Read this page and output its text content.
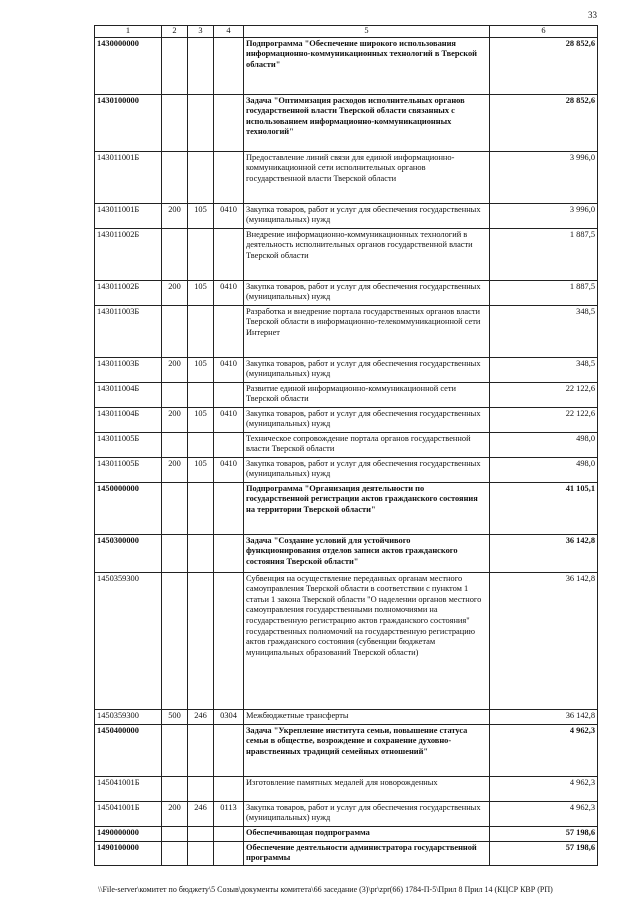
33
1	2	3	4	5	6
1430000000				Подпрограмма "Обеспечение широкого использования информационно-коммуникационных технологий в Тверской области"	28 852,6
1430100000				Задача "Оптимизация расходов исполнительных органов государственной власти Тверской области связанных с использованием информационно-коммуникационных технологий"	28 852,6
143011001Б				Предоставление линий связи для единой информационно-коммуникационной сети исполнительных органов государственной власти Тверской области	3 996,0
143011001Б	200	105	0410	Закупка товаров, работ и услуг для обеспечения государственных (муниципальных) нужд	3 996,0
143011002Б				Внедрение информационно-коммуникационных технологий в деятельность исполнительных органов государственной власти Тверской области	1 887,5
143011002Б	200	105	0410	Закупка товаров, работ и услуг для обеспечения государственных (муниципальных) нужд	1 887,5
143011003Б				Разработка и внедрение портала государственных органов власти Тверской области в информационно-телекоммуникационной сети Интернет	348,5
143011003Б	200	105	0410	Закупка товаров, работ и услуг для обеспечения государственных (муниципальных) нужд	348,5
143011004Б				Развитие единой информационно-коммуникационной сети Тверской области	22 122,6
143011004Б	200	105	0410	Закупка товаров, работ и услуг для обеспечения государственных (муниципальных) нужд	22 122,6
143011005Б				Техническое сопровождение портала органов государственной власти Тверской области	498,0
143011005Б	200	105	0410	Закупка товаров, работ и услуг для обеспечения государственных (муниципальных) нужд	498,0
1450000000				Подпрограмма "Организация деятельности по государственной регистрации актов гражданского состояния на территории Тверской области"	41 105,1
1450300000				Задача "Создание условий для устойчивого функционирования отделов записи актов гражданского состояния Тверской области"	36 142,8
1450359300				Субвенция на осуществление переданных органам местного самоуправления Тверской области в соответствии с пунктом 1 статьи 1 закона Тверской области "О наделении органов местного самоуправления государственными полномочиями на государственную регистрацию актов гражданского состояния" государственных полномочий на государственную регистрацию актов гражданского состояния (субвенции бюджетам муниципальных образований Тверской области)	36 142,8
1450359300	500	246	0304	Межбюджетные трансферты	36 142,8
1450400000				Задача "Укрепление института семьи, повышение статуса семьи в обществе, возрождение и сохранение духовно-нравственных традиций семейных отношений"	4 962,3
145041001Б				Изготовление памятных медалей для новорожденных	4 962,3
145041001Б	200	246	0113	Закупка товаров, работ и услуг для обеспечения государственных (муниципальных) нужд	4 962,3
1490000000				Обеспечивающая подпрограмма	57 198,6
1490100000				Обеспечение деятельности администратора государственной программы	57 198,6
\\File-server\комитет по бюджету\5 Созыв\документы комитета\66 заседание (3)\pr\zpr(66) 1784-П-5\Прил 8 Прил 14 (КЦСР КВР (РП)
